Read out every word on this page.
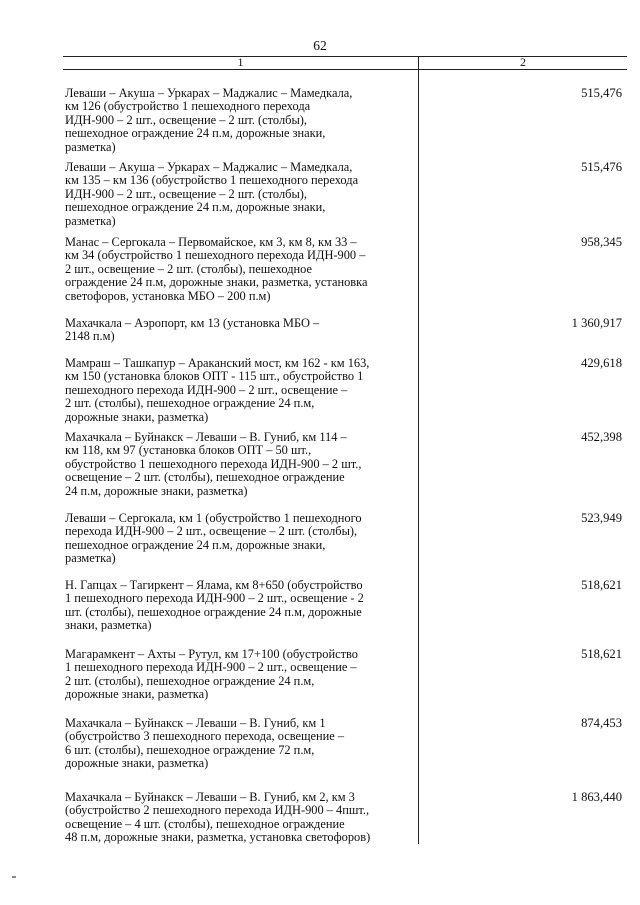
62
1	2
Леваши – Акуша – Уркарах – Маджалис – Мамедкала,
км 126 (обустройство 1 пешеходного перехода
ИДН-900 – 2 шт., освещение – 2 шт. (столбы),
пешеходное ограждение 24 п.м, дорожные знаки,
разметка)
515,476
Леваши – Акуша – Уркарах – Маджалис – Мамедкала,
км 135 – км 136 (обустройство 1 пешеходного перехода
ИДН-900 – 2 шт., освещение – 2 шт. (столбы),
пешеходное ограждение 24 п.м, дорожные знаки,
разметка)
515,476
Манас – Сергокала – Первомайское, км 3, км 8, км 33 –
км 34 (обустройство 1 пешеходного перехода ИДН-900 –
2 шт., освещение – 2 шт. (столбы), пешеходное
ограждение 24 п.м, дорожные знаки, разметка, установка
светофоров, установка МБО – 200 п.м)
958,345
Махачкала – Аэропорт, км 13 (установка МБО –
2148 п.м)
1 360,917
Мамраш – Ташкапур – Араканский мост, км 162 - км 163,
км 150 (установка блоков ОПТ - 115 шт., обустройство 1
пешеходного перехода ИДН-900 – 2 шт., освещение –
2 шт. (столбы), пешеходное ограждение 24 п.м,
дорожные знаки, разметка)
429,618
Махачкала – Буйнакск – Леваши – В. Гуниб, км 114 –
км 118, км 97 (установка блоков ОПТ – 50 шт.,
обустройство 1 пешеходного перехода ИДН-900 – 2 шт.,
освещение – 2 шт. (столбы), пешеходное ограждение
24 п.м, дорожные знаки, разметка)
452,398
Леваши – Сергокала, км 1 (обустройство 1 пешеходного
перехода ИДН-900 – 2 шт., освещение – 2 шт. (столбы),
пешеходное ограждение 24 п.м, дорожные знаки,
разметка)
523,949
Н. Гапцах – Тагиркент – Ялама, км 8+650 (обустройство
1 пешеходного перехода ИДН-900 – 2 шт., освещение - 2
шт. (столбы), пешеходное ограждение 24 п.м, дорожные
знаки, разметка)
518,621
Магарамкент – Ахты – Рутул, км 17+100 (обустройство
1 пешеходного перехода ИДН-900 – 2 шт., освещение –
2 шт. (столбы), пешеходное ограждение 24 п.м,
дорожные знаки, разметка)
518,621
Махачкала – Буйнакск – Леваши – В. Гуниб, км 1
(обустройство 3 пешеходного перехода, освещение –
6 шт. (столбы), пешеходное ограждение 72 п.м,
дорожные знаки, разметка)
874,453
Махачкала – Буйнакск – Леваши – В. Гуниб, км 2, км 3
(обустройство 2 пешеходного перехода ИДН-900 – 4пшт.,
освещение – 4 шт. (столбы), пешеходное ограждение
48 п.м, дорожные знаки, разметка, установка светофоров)
1 863,440
